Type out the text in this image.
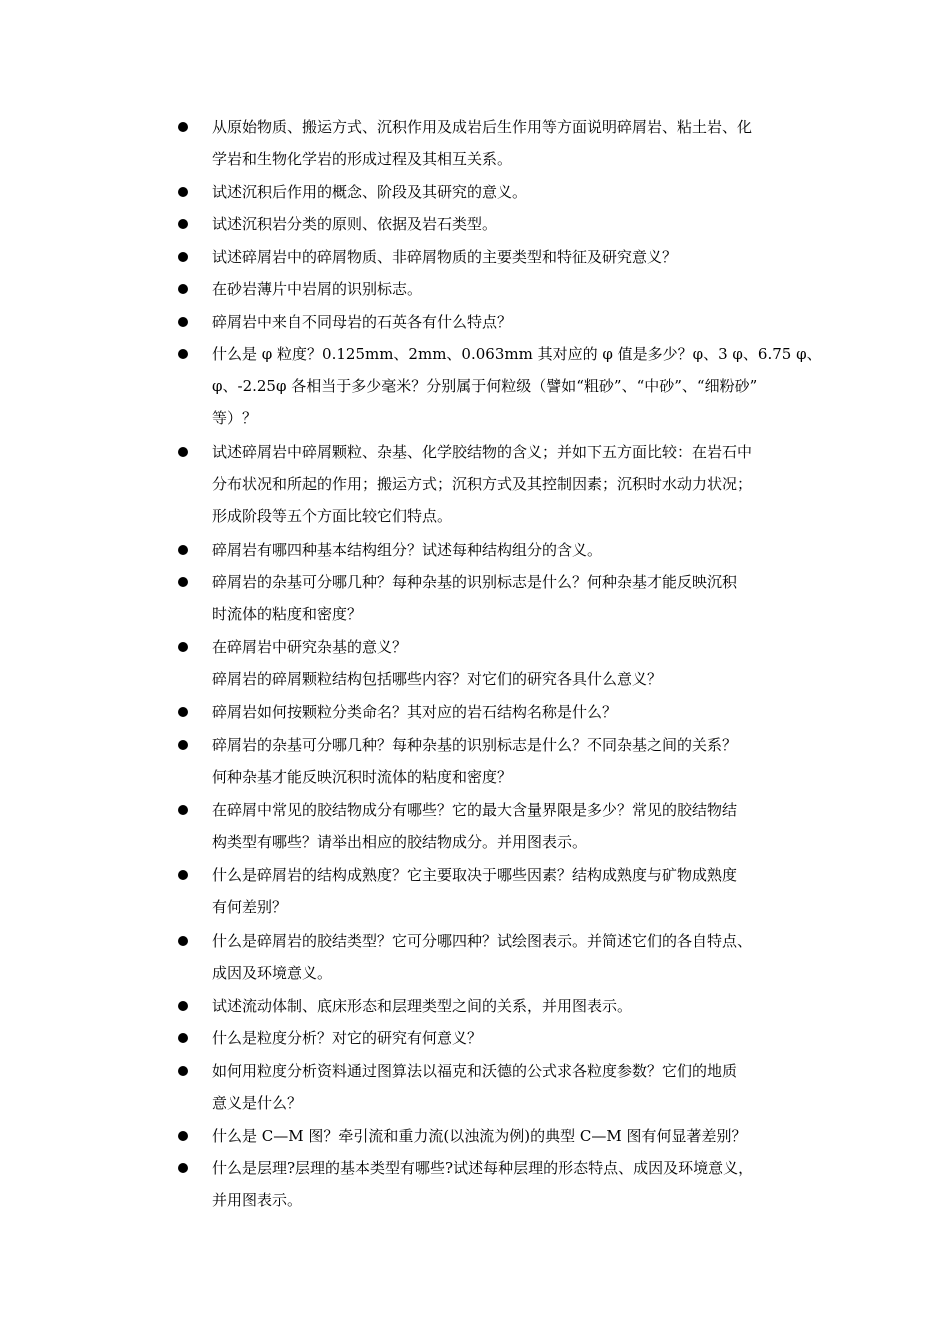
从原始物质、搬运方式、沉积作用及成岩后生作用等方面说明碎屑岩、粘土岩、化
学岩和生物化学岩的形成过程及其相互关系。
试述沉积后作用的概念、阶段及其研究的意义。
试述沉积岩分类的原则、依据及岩石类型。
试述碎屑岩中的碎屑物质、非碎屑物质的主要类型和特征及研究意义？
在砂岩薄片中岩屑的识别标志。
碎屑岩中来自不同母岩的石英各有什么特点？
什么是 φ 粒度？0.125mm、2mm、0.063mm 其对应的 φ 值是多少？φ、3 φ、6.75 φ、
φ、-2.25φ 各相当于多少毫米？分别属于何粒级（譬如“粗砂”、“中砂”、“细粉砂”
等）？
试述碎屑岩中碎屑颗粒、杂基、化学胶结物的含义；并如下五方面比较：在岩石中
分布状况和所起的作用；搬运方式；沉积方式及其控制因素；沉积时水动力状况；
形成阶段等五个方面比较它们特点。
碎屑岩有哪四种基本结构组分？试述每种结构组分的含义。
碎屑岩的杂基可分哪几种？每种杂基的识别标志是什么？何种杂基才能反映沉积
时流体的粘度和密度？
在碎屑岩中研究杂基的意义？
碎屑岩的碎屑颗粒结构包括哪些内容？对它们的研究各具什么意义？
碎屑岩如何按颗粒分类命名？其对应的岩石结构名称是什么？
碎屑岩的杂基可分哪几种？每种杂基的识别标志是什么？不同杂基之间的关系？
何种杂基才能反映沉积时流体的粘度和密度？
在碎屑中常见的胶结物成分有哪些？它的最大含量界限是多少？常见的胶结物结
构类型有哪些？请举出相应的胶结物成分。并用图表示。
什么是碎屑岩的结构成熟度？它主要取决于哪些因素？结构成熟度与矿物成熟度
有何差别？
什么是碎屑岩的胶结类型？它可分哪四种？试绘图表示。并简述它们的各自特点、
成因及环境意义。
试述流动体制、底床形态和层理类型之间的关系，并用图表示。
什么是粒度分析？对它的研究有何意义？
如何用粒度分析资料通过图算法以福克和沃德的公式求各粒度参数？它们的地质
意义是什么？
什么是 C—M 图？牵引流和重力流(以浊流为例)的典型 C—M 图有何显著差别？
什么是层理?层理的基本类型有哪些?试述每种层理的形态特点、成因及环境意义，
并用图表示。
